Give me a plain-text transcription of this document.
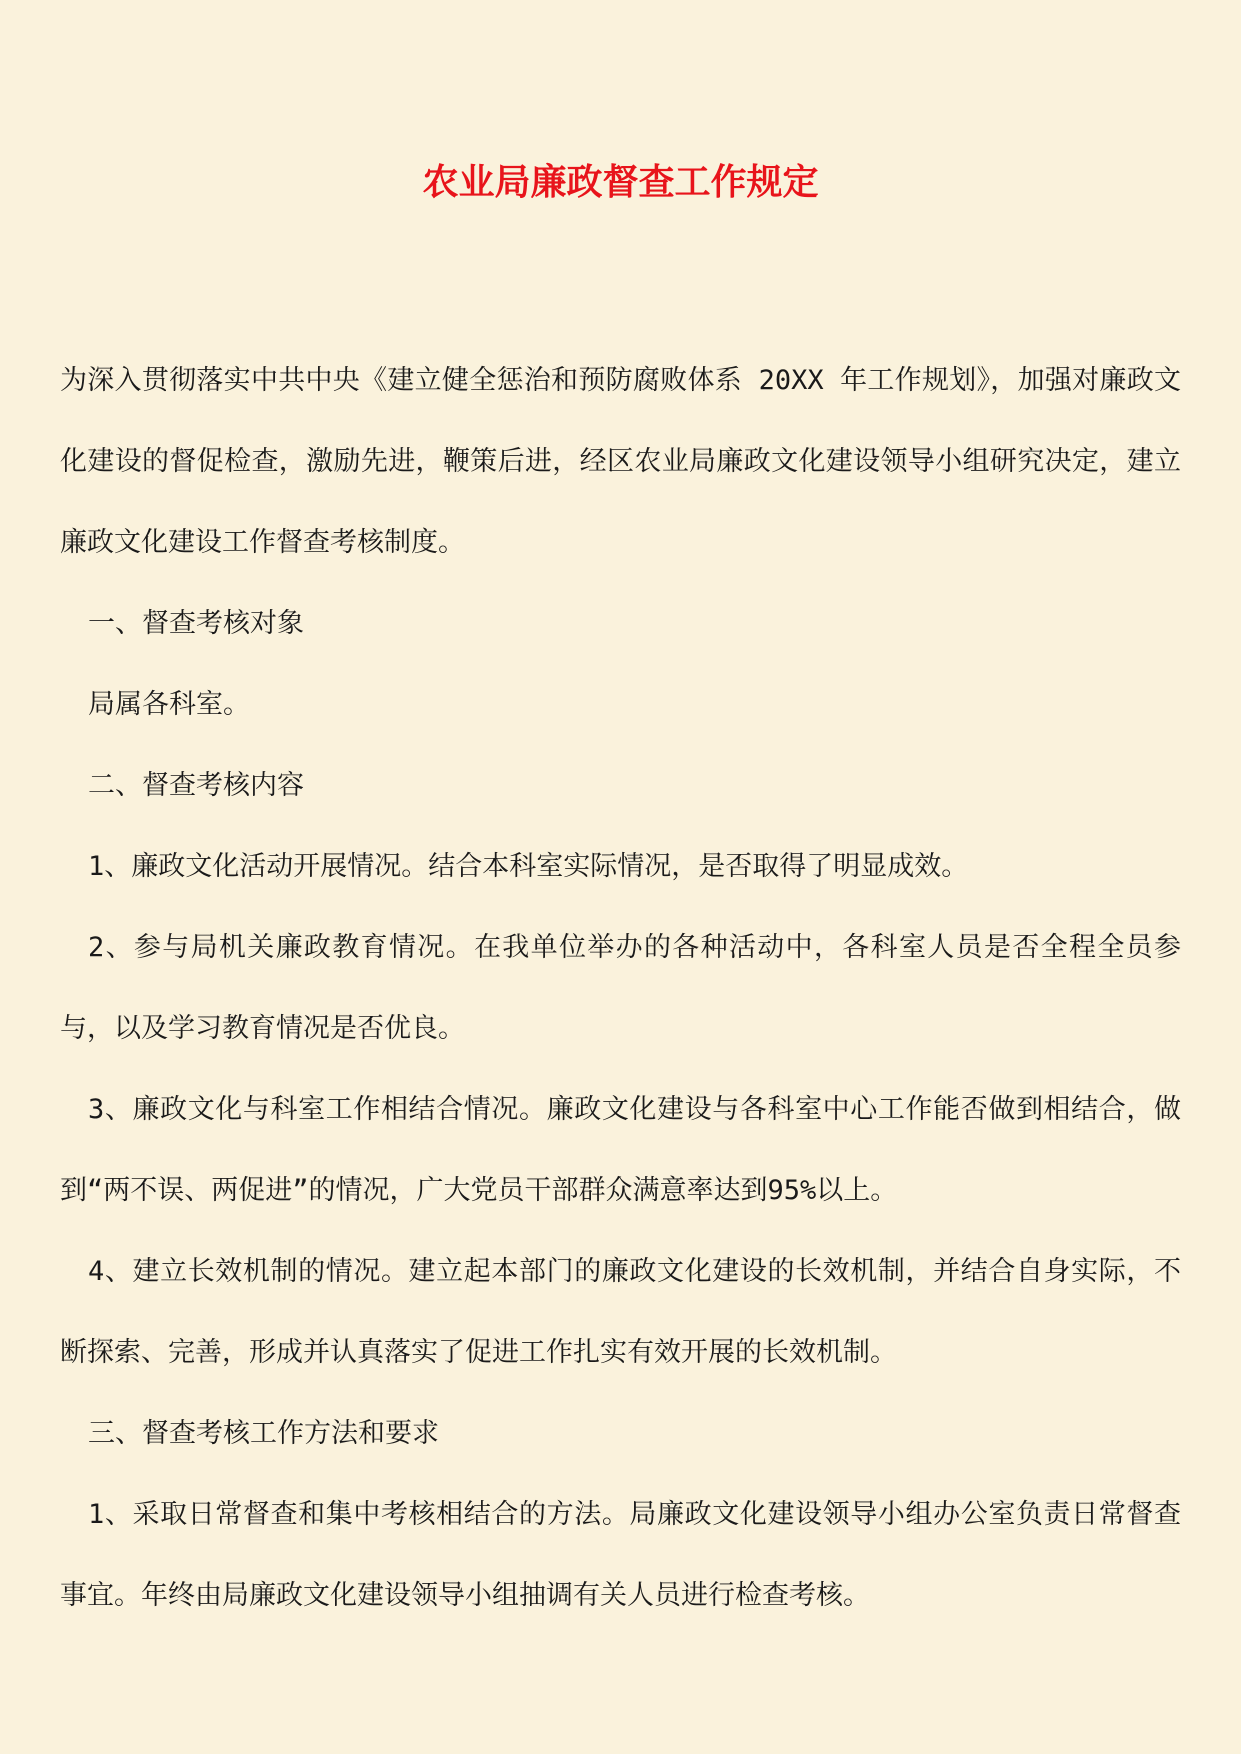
农业局廉政督查工作规定

为深入贯彻落实中共中央《建立健全惩治和预防腐败体系 20XX 年工作规划》，加强对廉政文化建设的督促检查，激励先进，鞭策后进，经区农业局廉政文化建设领导小组研究决定，建立廉政文化建设工作督查考核制度。

一、督查考核对象

局属各科室。

二、督查考核内容

1、廉政文化活动开展情况。结合本科室实际情况，是否取得了明显成效。

2、参与局机关廉政教育情况。在我单位举办的各种活动中，各科室人员是否全程全员参与，以及学习教育情况是否优良。

3、廉政文化与科室工作相结合情况。廉政文化建设与各科室中心工作能否做到相结合，做到“两不误、两促进”的情况，广大党员干部群众满意率达到95%以上。

4、建立长效机制的情况。建立起本部门的廉政文化建设的长效机制，并结合自身实际，不断探索、完善，形成并认真落实了促进工作扎实有效开展的长效机制。

三、督查考核工作方法和要求

1、采取日常督查和集中考核相结合的方法。局廉政文化建设领导小组办公室负责日常督查事宜。年终由局廉政文化建设领导小组抽调有关人员进行检查考核。
